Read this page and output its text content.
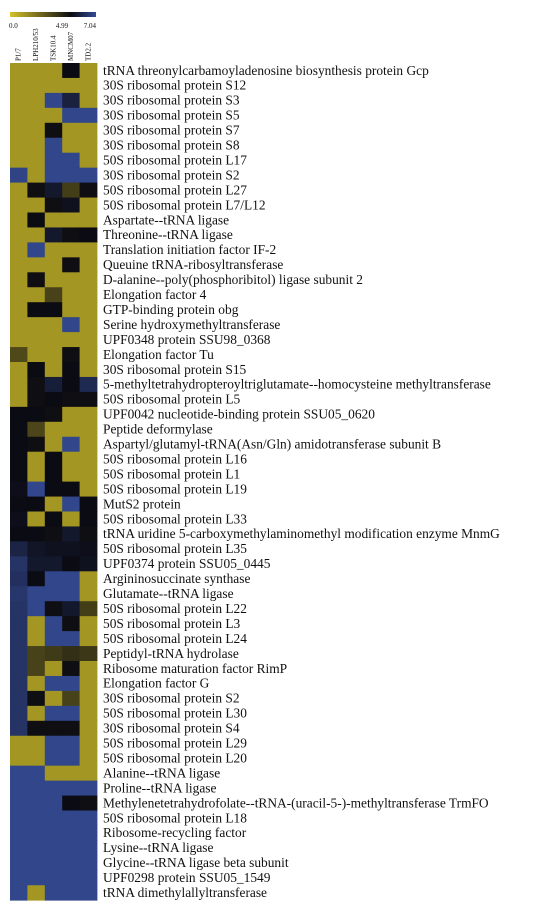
0.0	4.99 7.04
P1/7 LPH210/53 TSK10.4 MNCM07 TD2.2
tRNA threonylcarbamoyladenosine biosynthesis protein Gcp
30S ribosomal protein S12
30S ribosomal protein S3
30S ribosomal protein S5
30S ribosomal protein S7
30S ribosomal protein S8
50S ribosomal protein L17
30S ribosomal protein S2
50S ribosomal protein L27
50S ribosomal protein L7/L12
Aspartate--tRNA ligase
Threonine--tRNA ligase
Translation initiation factor IF-2
Queuine tRNA-ribosyltransferase
D-alanine--poly(phosphoribitol) ligase subunit 2
Elongation factor 4
GTP-binding protein obg
Serine hydroxymethyltransferase
UPF0348 protein SSU98_0368
Elongation factor Tu
30S ribosomal protein S15
5-methyltetrahydropteroyltriglutamate--homocysteine methyltransferase
50S ribosomal protein L5
UPF0042 nucleotide-binding protein SSU05_0620
Peptide deformylase
Aspartyl/glutamyl-tRNA(Asn/Gln) amidotransferase subunit B
50S ribosomal protein L16
50S ribosomal protein L1
50S ribosomal protein L19
MutS2 protein
50S ribosomal protein L33
tRNA uridine 5-carboxymethylaminomethyl modification enzyme MnmG
50S ribosomal protein L35
UPF0374 protein SSU05_0445
Argininosuccinate synthase
Glutamate--tRNA ligase
50S ribosomal protein L22
50S ribosomal protein L3
50S ribosomal protein L24
Peptidyl-tRNA hydrolase
Ribosome maturation factor RimP
Elongation factor G
30S ribosomal protein S2
50S ribosomal protein L30
30S ribosomal protein S4
50S ribosomal protein L29
50S ribosomal protein L20
Alanine--tRNA ligase
Proline--tRNA ligase
Methylenetetrahydrofolate--tRNA-(uracil-5-)-methyltransferase TrmFO
50S ribosomal protein L18
Ribosome-recycling factor
Lysine--tRNA ligase
Glycine--tRNA ligase beta subunit
UPF0298 protein SSU05_1549
tRNA dimethylallyltransferase
